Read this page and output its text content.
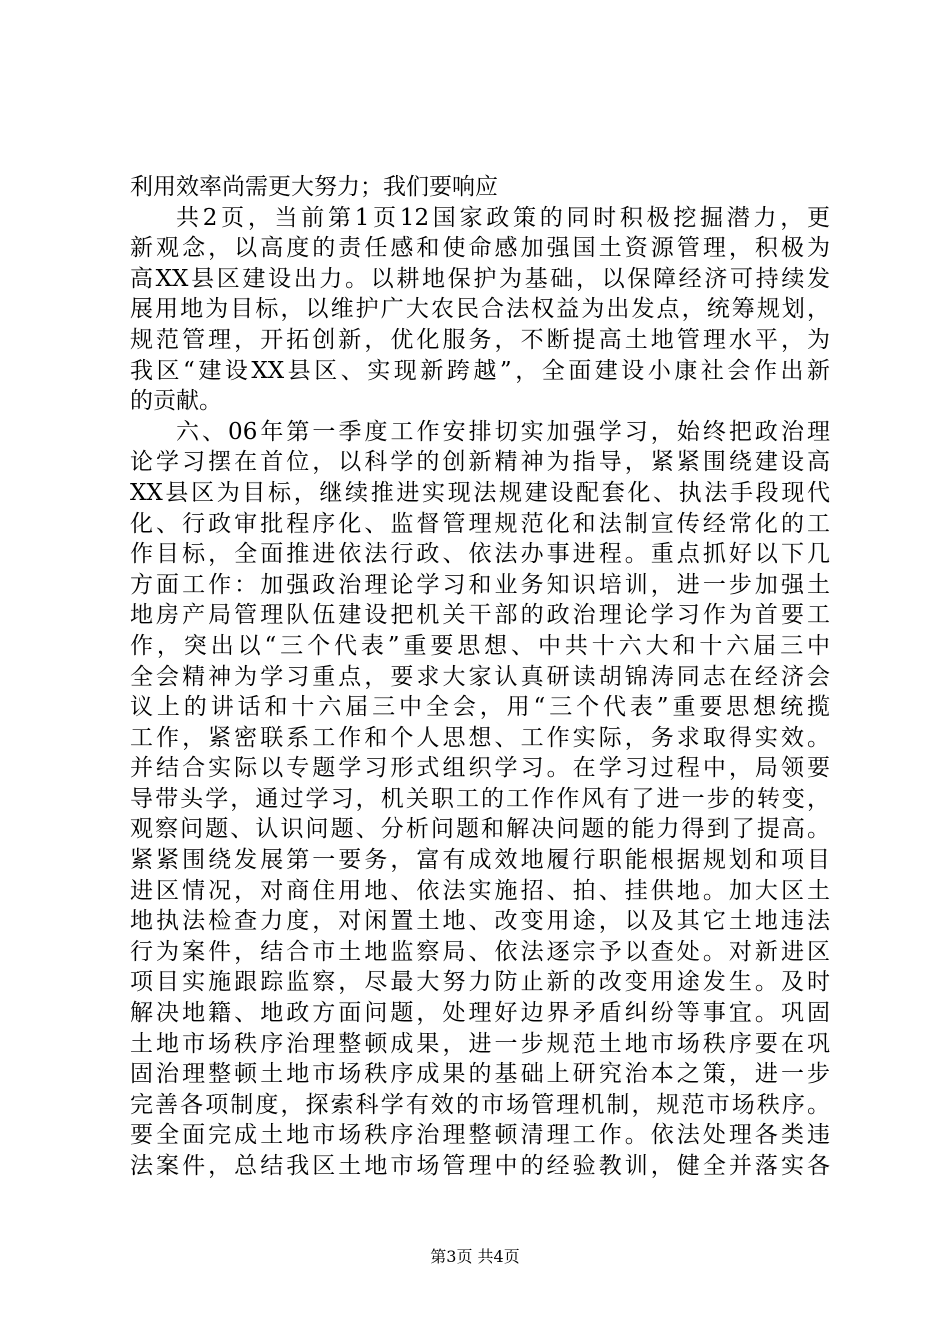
利用效率尚需更大努力；我们要响应
共2页，当前第1页12国家政策的同时积极挖掘潜力，更
新观念，以高度的责任感和使命感加强国土资源管理，积极为
高XX县区建设出力。以耕地保护为基础，以保障经济可持续发
展用地为目标，以维护广大农民合法权益为出发点，统筹规划，
规范管理，开拓创新，优化服务，不断提高土地管理水平，为
我区“建设XX县区、实现新跨越”，全面建设小康社会作出新
的贡献。
六、06年第一季度工作安排切实加强学习，始终把政治理
论学习摆在首位，以科学的创新精神为指导，紧紧围绕建设高
XX县区为目标，继续推进实现法规建设配套化、执法手段现代
化、行政审批程序化、监督管理规范化和法制宣传经常化的工
作目标，全面推进依法行政、依法办事进程。重点抓好以下几
方面工作：加强政治理论学习和业务知识培训，进一步加强土
地房产局管理队伍建设把机关干部的政治理论学习作为首要工
作，突出以“三个代表”重要思想、中共十六大和十六届三中
全会精神为学习重点，要求大家认真研读胡锦涛同志在经济会
议上的讲话和十六届三中全会，用“三个代表”重要思想统揽
工作，紧密联系工作和个人思想、工作实际，务求取得实效。
并结合实际以专题学习形式组织学习。在学习过程中，局领要
导带头学，通过学习，机关职工的工作作风有了进一步的转变，
观察问题、认识问题、分析问题和解决问题的能力得到了提高。
紧紧围绕发展第一要务，富有成效地履行职能根据规划和项目
进区情况，对商住用地、依法实施招、拍、挂供地。加大区土
地执法检查力度，对闲置土地、改变用途，以及其它土地违法
行为案件，结合市土地监察局、依法逐宗予以查处。对新进区
项目实施跟踪监察，尽最大努力防止新的改变用途发生。及时
解决地籍、地政方面问题，处理好边界矛盾纠纷等事宜。巩固
土地市场秩序治理整顿成果，进一步规范土地市场秩序要在巩
固治理整顿土地市场秩序成果的基础上研究治本之策，进一步
完善各项制度，探索科学有效的市场管理机制，规范市场秩序。
要全面完成土地市场秩序治理整顿清理工作。依法处理各类违
法案件，总结我区土地市场管理中的经验教训，健全并落实各
第3页 共4页
